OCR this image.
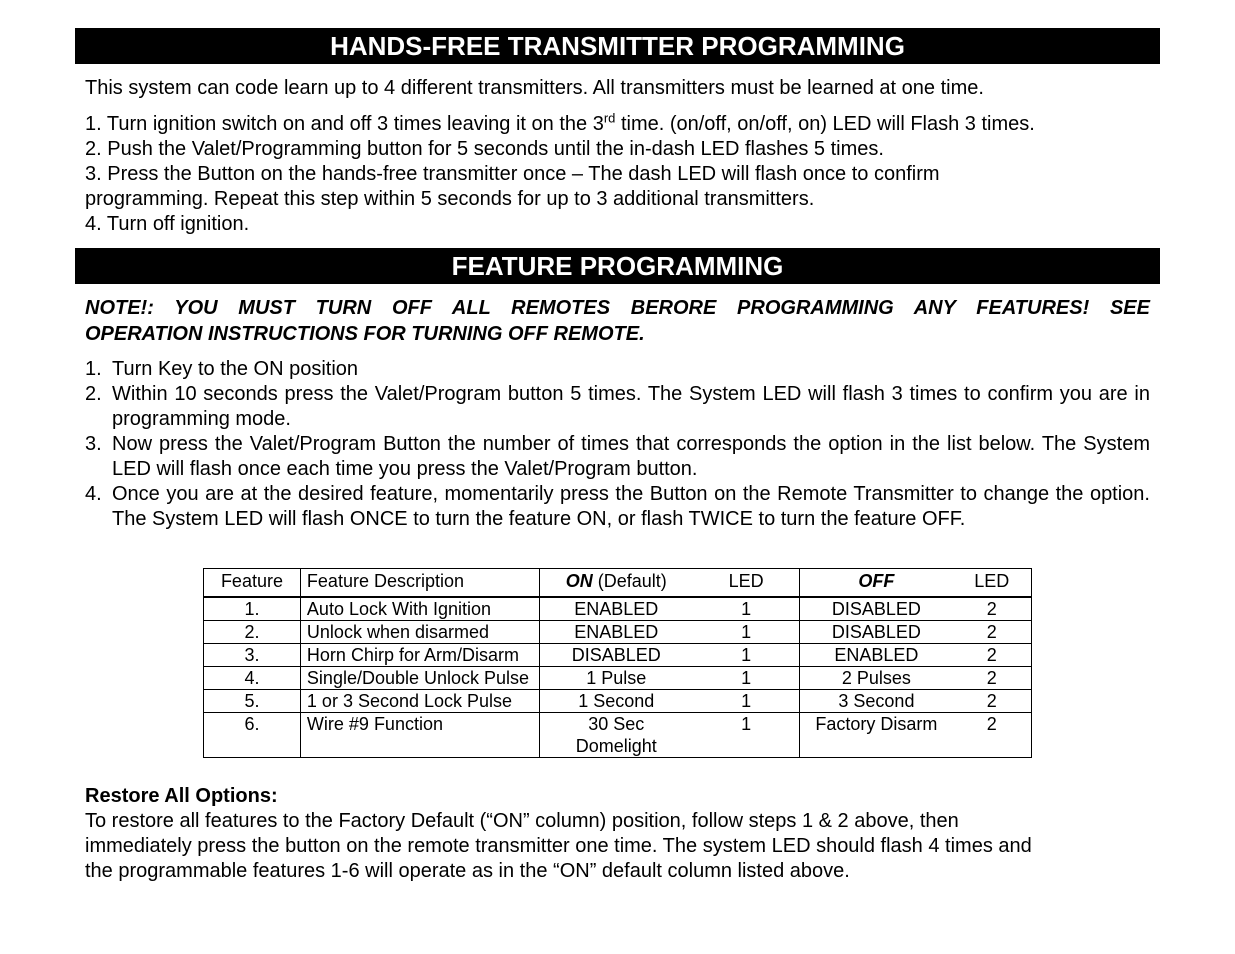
HANDS-FREE TRANSMITTER PROGRAMMING
This system can code learn up to 4 different transmitters. All transmitters must be learned at one time.
1. Turn ignition switch on and off 3 times leaving it on the 3rd time. (on/off, on/off, on) LED will Flash 3 times.
2. Push the Valet/Programming button for 5 seconds until the in-dash LED flashes 5 times.
3. Press the Button on the hands-free transmitter once – The dash LED will flash once to confirm
programming. Repeat this step within 5 seconds for up to 3 additional transmitters.
4. Turn off ignition.
FEATURE PROGRAMMING
NOTE!: YOU MUST TURN OFF ALL REMOTES BERORE PROGRAMMING ANY FEATURES! SEE
OPERATION INSTRUCTIONS FOR TURNING OFF REMOTE.
1. Turn Key to the ON position
2. Within 10 seconds press the Valet/Program button 5 times. The System LED will flash 3 times to confirm you are in programming mode.
3. Now press the Valet/Program Button the number of times that corresponds the option in the list below. The System LED will flash once each time you press the Valet/Program button.
4. Once you are at the desired feature, momentarily press the Button on the Remote Transmitter to change the option. The System LED will flash ONCE to turn the feature ON, or flash TWICE to turn the feature OFF.
Feature	Feature Description	ON (Default)	LED	OFF	LED
1.	Auto Lock With Ignition	ENABLED	1	DISABLED	2
2.	Unlock when disarmed	ENABLED	1	DISABLED	2
3.	Horn Chirp for Arm/Disarm	DISABLED	1	ENABLED	2
4.	Single/Double Unlock Pulse	1 Pulse	1	2 Pulses	2
5.	1 or 3 Second Lock Pulse	1 Second	1	3 Second	2
6.	Wire #9 Function	30 Sec Domelight	1	Factory Disarm	2
Restore All Options:
To restore all features to the Factory Default (“ON” column) position, follow steps 1 & 2 above, then
immediately press the button on the remote transmitter one time. The system LED should flash 4 times and
the programmable features 1-6 will operate as in the “ON” default column listed above.
